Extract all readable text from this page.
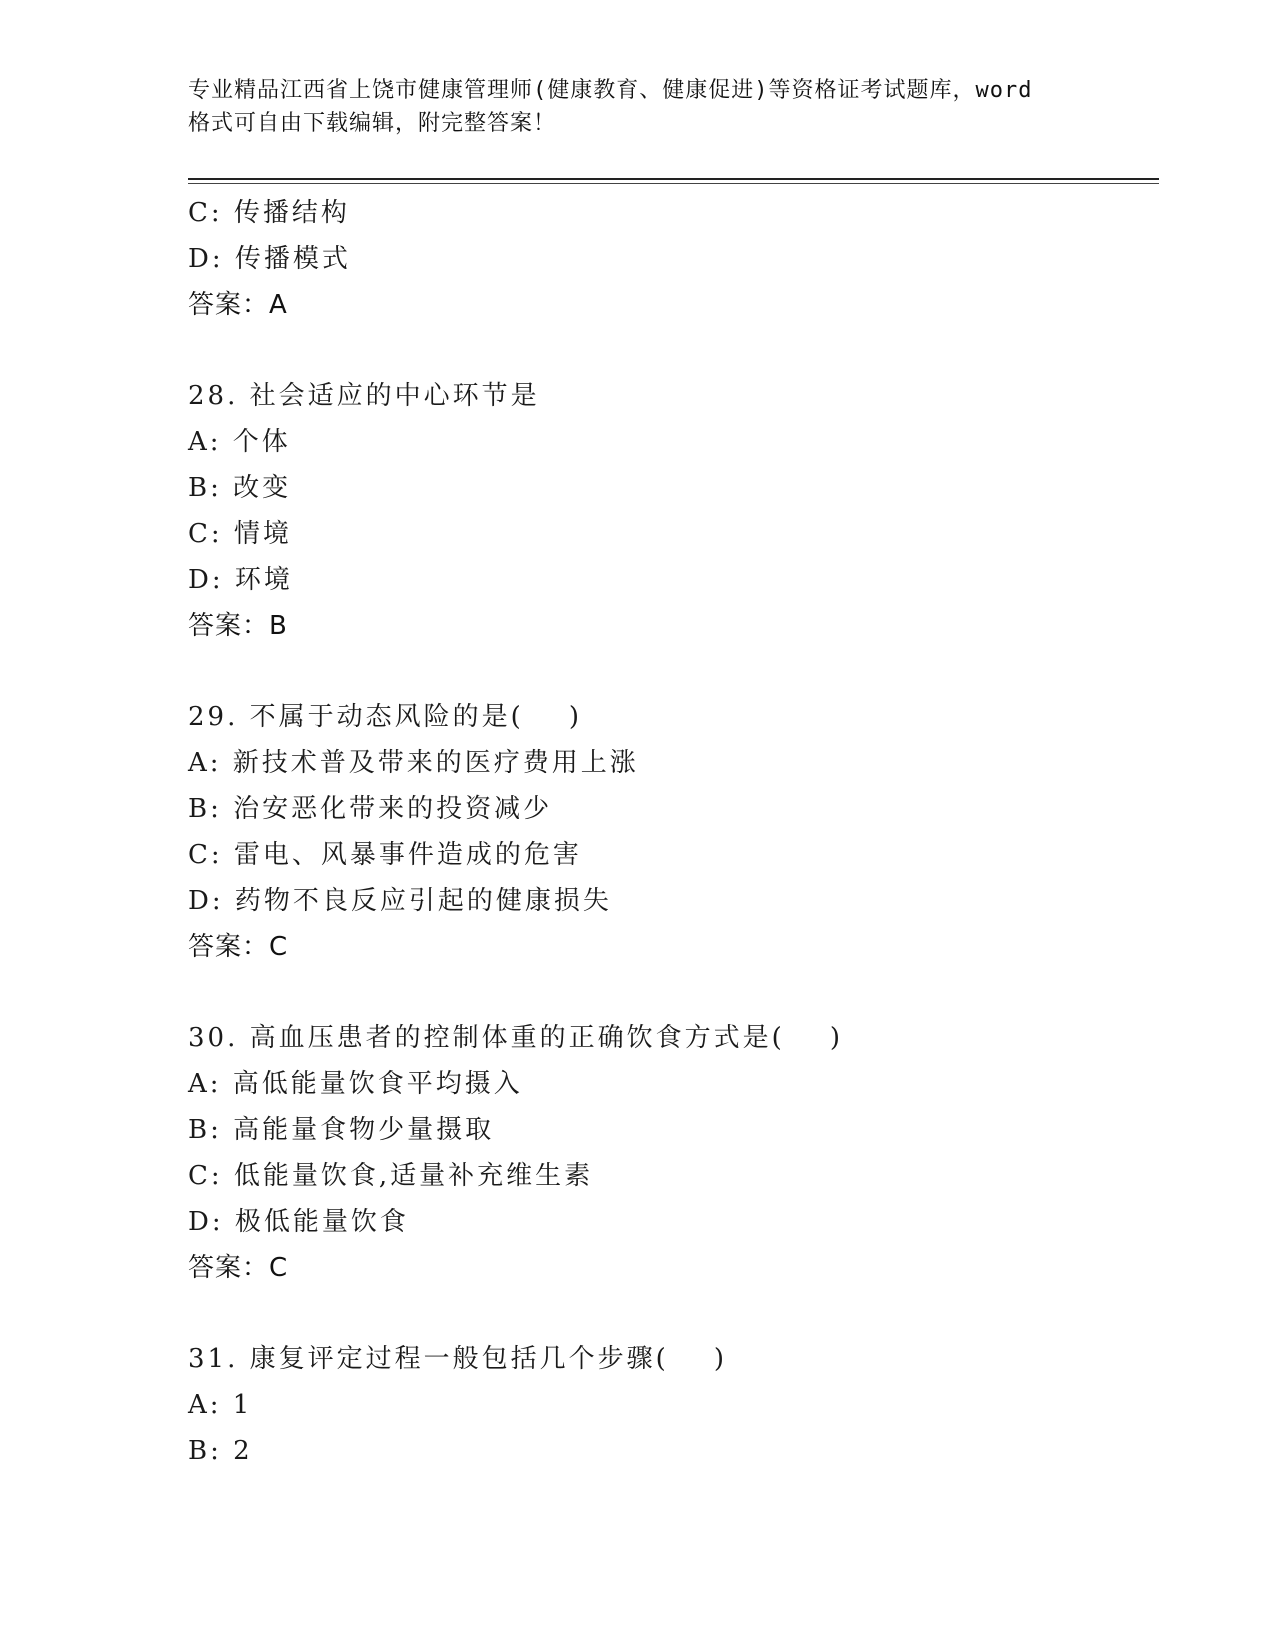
专业精品江西省上饶市健康管理师(健康教育、健康促进)等资格证考试题库，word
格式可自由下载编辑，附完整答案！
C: 传播结构
D: 传播模式
答案：A
28. 社会适应的中心环节是
A: 个体
B: 改变
C: 情境
D: 环境
答案：B
29. 不属于动态风险的是(    )
A: 新技术普及带来的医疗费用上涨
B: 治安恶化带来的投资减少
C: 雷电、风暴事件造成的危害
D: 药物不良反应引起的健康损失
答案：C
30. 高血压患者的控制体重的正确饮食方式是(    )
A: 高低能量饮食平均摄入
B: 高能量食物少量摄取
C: 低能量饮食,适量补充维生素
D: 极低能量饮食
答案：C
31. 康复评定过程一般包括几个步骤(    )
A: 1
B: 2
